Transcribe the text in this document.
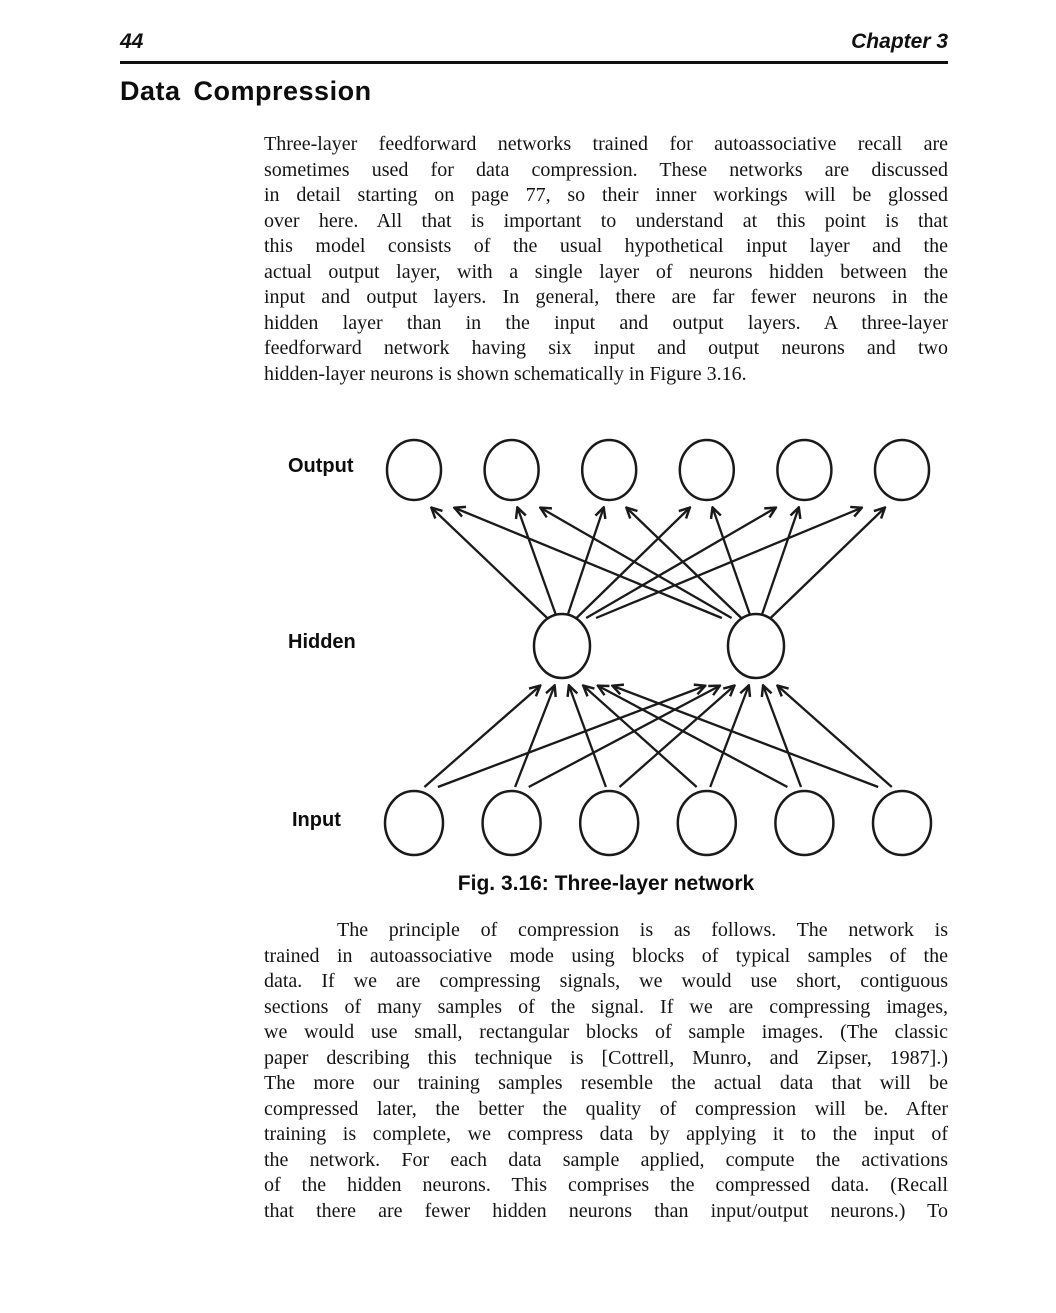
44	Chapter 3
Data Compression
Three-layer feedforward networks trained for autoassociative recall are
sometimes used for data compression. These networks are discussed
in detail starting on page 77, so their inner workings will be glossed
over here. All that is important to understand at this point is that
this model consists of the usual hypothetical input layer and the
actual output layer, with a single layer of neurons hidden between the
input and output layers. In general, there are far fewer neurons in the
hidden layer than in the input and output layers. A three-layer
feedforward network having six input and output neurons and two
hidden-layer neurons is shown schematically in Figure 3.16.
Output
Hidden
Input
Fig. 3.16: Three-layer network
The principle of compression is as follows. The network is
trained in autoassociative mode using blocks of typical samples of the
data. If we are compressing signals, we would use short, contiguous
sections of many samples of the signal. If we are compressing images,
we would use small, rectangular blocks of sample images. (The classic
paper describing this technique is [Cottrell, Munro, and Zipser, 1987].)
The more our training samples resemble the actual data that will be
compressed later, the better the quality of compression will be. After
training is complete, we compress data by applying it to the input of
the network. For each data sample applied, compute the activations
of the hidden neurons. This comprises the compressed data. (Recall
that there are fewer hidden neurons than input/output neurons.) To
